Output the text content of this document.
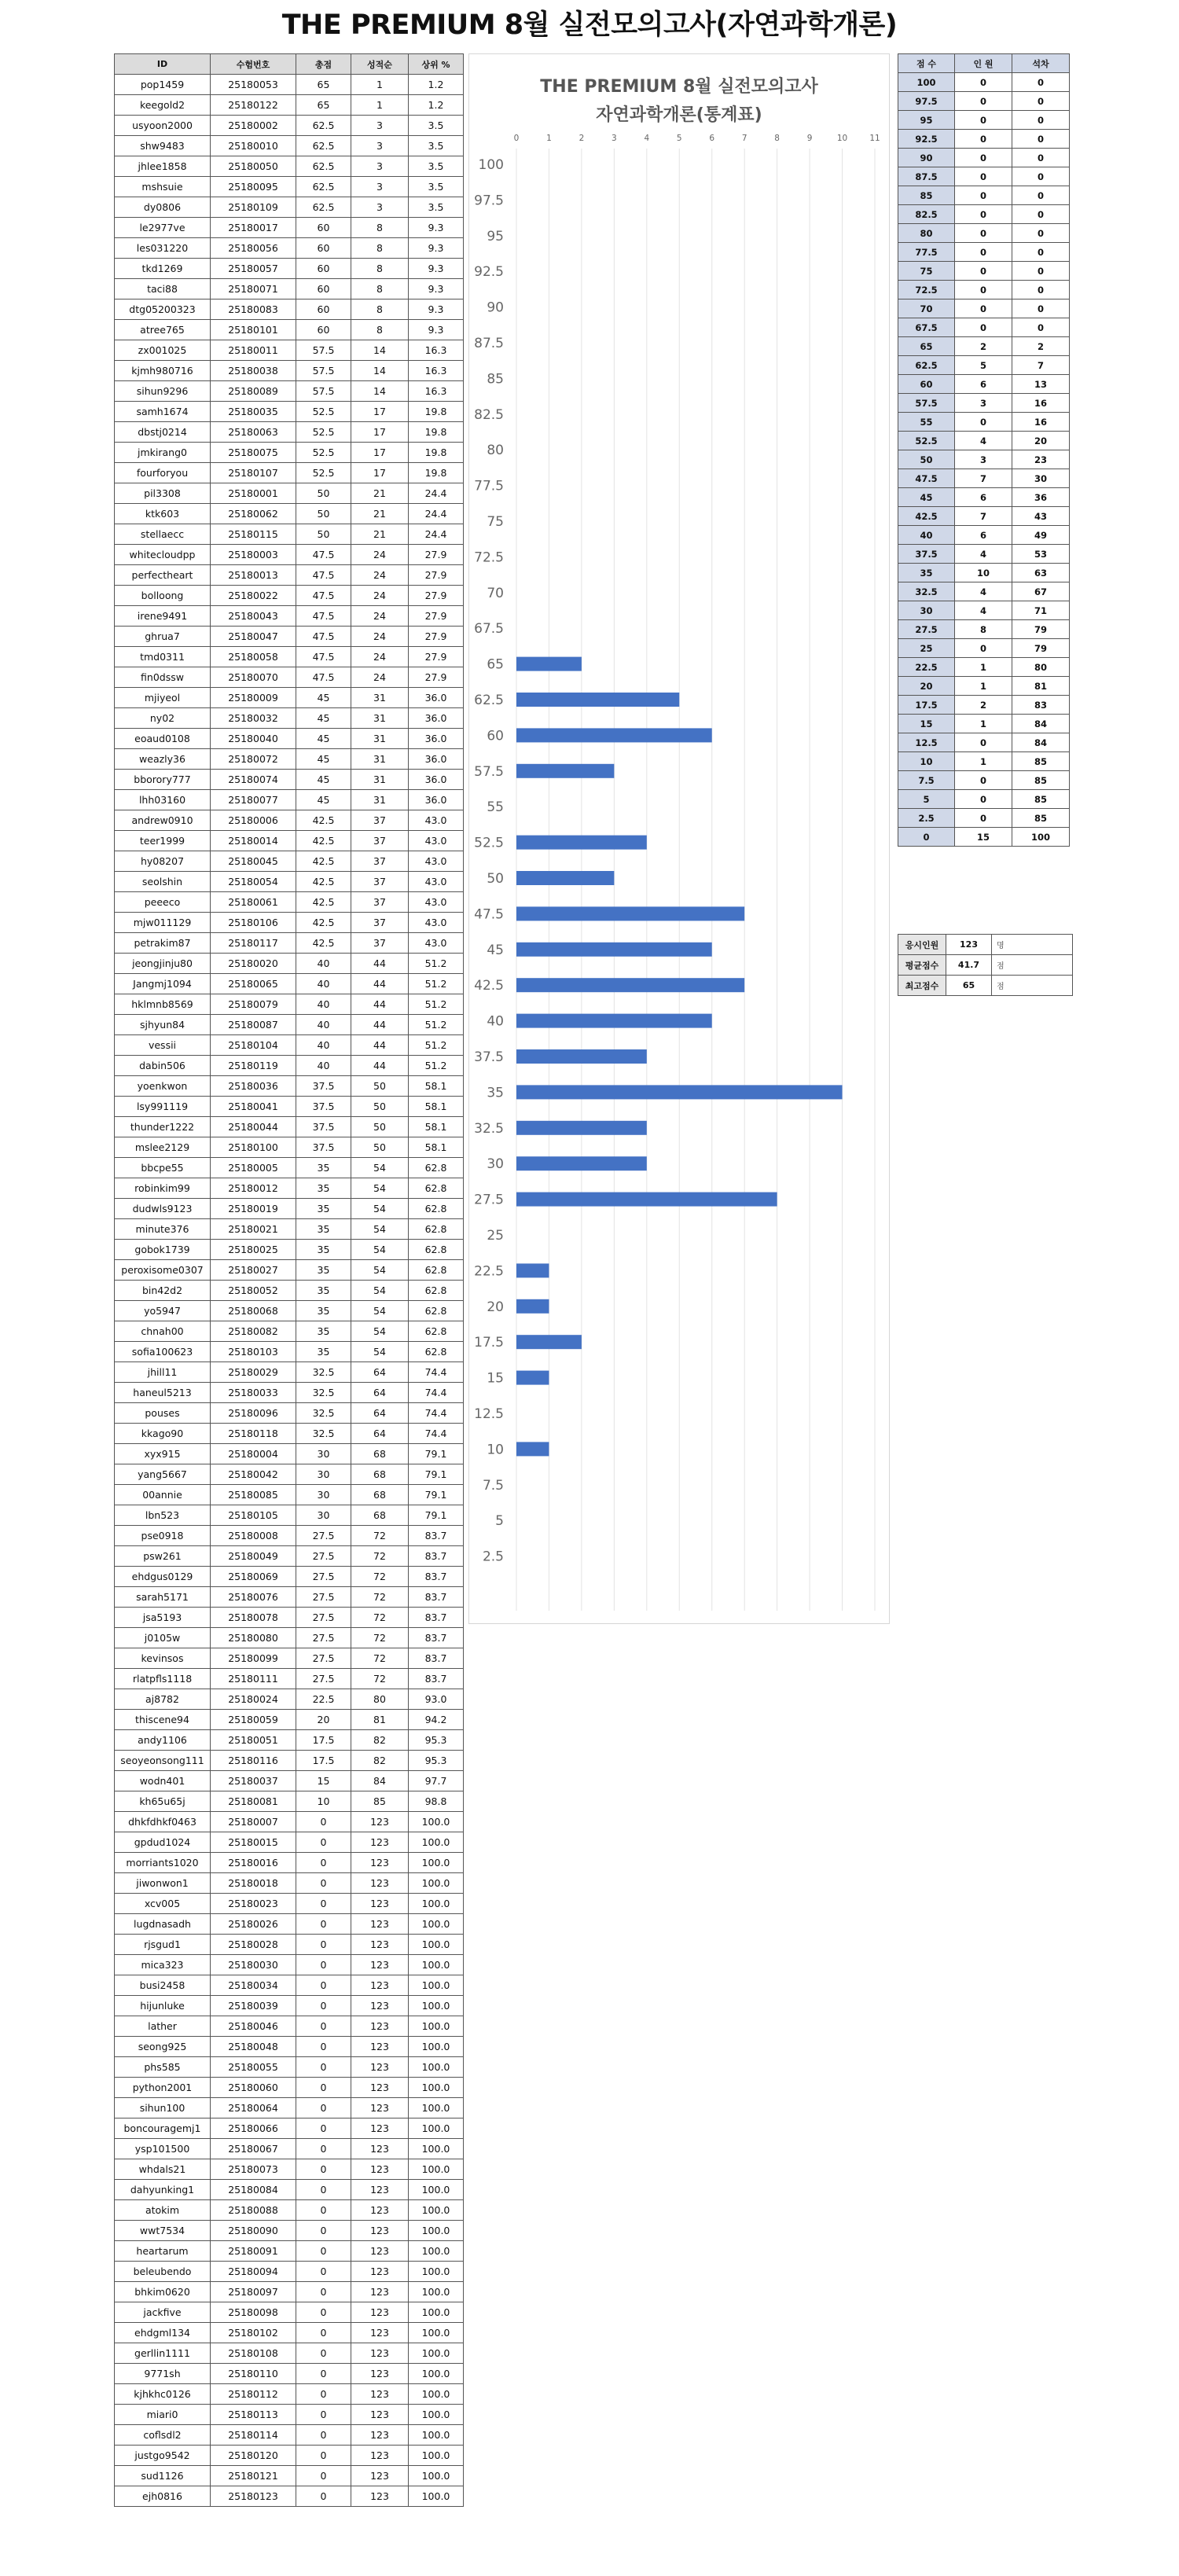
THE PREMIUM 8월 실전모의고사(자연과학개론)
ID	수험번호	총점	성적순	상위 %
pop1459	25180053	65	1	1.2
keegold2	25180122	65	1	1.2
usyoon2000	25180002	62.5	3	3.5
shw9483	25180010	62.5	3	3.5
jhlee1858	25180050	62.5	3	3.5
mshsuie	25180095	62.5	3	3.5
dy0806	25180109	62.5	3	3.5
le2977ve	25180017	60	8	9.3
les031220	25180056	60	8	9.3
tkd1269	25180057	60	8	9.3
taci88	25180071	60	8	9.3
dtg05200323	25180083	60	8	9.3
atree765	25180101	60	8	9.3
zx001025	25180011	57.5	14	16.3
kjmh980716	25180038	57.5	14	16.3
sihun9296	25180089	57.5	14	16.3
samh1674	25180035	52.5	17	19.8
dbstj0214	25180063	52.5	17	19.8
jmkirang0	25180075	52.5	17	19.8
fourforyou	25180107	52.5	17	19.8
pil3308	25180001	50	21	24.4
ktk603	25180062	50	21	24.4
stellaecc	25180115	50	21	24.4
whitecloudpp	25180003	47.5	24	27.9
perfectheart	25180013	47.5	24	27.9
bolloong	25180022	47.5	24	27.9
irene9491	25180043	47.5	24	27.9
ghrua7	25180047	47.5	24	27.9
tmd0311	25180058	47.5	24	27.9
fin0dssw	25180070	47.5	24	27.9
mjiyeol	25180009	45	31	36.0
ny02	25180032	45	31	36.0
eoaud0108	25180040	45	31	36.0
weazly36	25180072	45	31	36.0
bborory777	25180074	45	31	36.0
lhh03160	25180077	45	31	36.0
andrew0910	25180006	42.5	37	43.0
teer1999	25180014	42.5	37	43.0
hy08207	25180045	42.5	37	43.0
seolshin	25180054	42.5	37	43.0
peeeco	25180061	42.5	37	43.0
mjw011129	25180106	42.5	37	43.0
petrakim87	25180117	42.5	37	43.0
jeongjinju80	25180020	40	44	51.2
Jangmj1094	25180065	40	44	51.2
hklmnb8569	25180079	40	44	51.2
sjhyun84	25180087	40	44	51.2
vessii	25180104	40	44	51.2
dabin506	25180119	40	44	51.2
yoenkwon	25180036	37.5	50	58.1
lsy991119	25180041	37.5	50	58.1
thunder1222	25180044	37.5	50	58.1
mslee2129	25180100	37.5	50	58.1
bbcpe55	25180005	35	54	62.8
robinkim99	25180012	35	54	62.8
dudwls9123	25180019	35	54	62.8
minute376	25180021	35	54	62.8
gobok1739	25180025	35	54	62.8
peroxisome0307	25180027	35	54	62.8
bin42d2	25180052	35	54	62.8
yo5947	25180068	35	54	62.8
chnah00	25180082	35	54	62.8
sofia100623	25180103	35	54	62.8
jhill11	25180029	32.5	64	74.4
haneul5213	25180033	32.5	64	74.4
pouses	25180096	32.5	64	74.4
kkago90	25180118	32.5	64	74.4
xyx915	25180004	30	68	79.1
yang5667	25180042	30	68	79.1
00annie	25180085	30	68	79.1
lbn523	25180105	30	68	79.1
pse0918	25180008	27.5	72	83.7
psw261	25180049	27.5	72	83.7
ehdgus0129	25180069	27.5	72	83.7
sarah5171	25180076	27.5	72	83.7
jsa5193	25180078	27.5	72	83.7
j0105w	25180080	27.5	72	83.7
kevinsos	25180099	27.5	72	83.7
rlatpfls1118	25180111	27.5	72	83.7
aj8782	25180024	22.5	80	93.0
thiscene94	25180059	20	81	94.2
andy1106	25180051	17.5	82	95.3
seoyeonsong111	25180116	17.5	82	95.3
wodn401	25180037	15	84	97.7
kh65u65j	25180081	10	85	98.8
dhkfdhkf0463	25180007	0	123	100.0
gpdud1024	25180015	0	123	100.0
morriants1020	25180016	0	123	100.0
jiwonwon1	25180018	0	123	100.0
xcv005	25180023	0	123	100.0
lugdnasadh	25180026	0	123	100.0
rjsgud1	25180028	0	123	100.0
mica323	25180030	0	123	100.0
busi2458	25180034	0	123	100.0
hijunluke	25180039	0	123	100.0
lather	25180046	0	123	100.0
seong925	25180048	0	123	100.0
phs585	25180055	0	123	100.0
python2001	25180060	0	123	100.0
sihun100	25180064	0	123	100.0
boncouragemj1	25180066	0	123	100.0
ysp101500	25180067	0	123	100.0
whdals21	25180073	0	123	100.0
dahyunking1	25180084	0	123	100.0
atokim	25180088	0	123	100.0
wwt7534	25180090	0	123	100.0
heartarum	25180091	0	123	100.0
beleubendo	25180094	0	123	100.0
bhkim0620	25180097	0	123	100.0
jackfive	25180098	0	123	100.0
ehdgml134	25180102	0	123	100.0
gerllin1111	25180108	0	123	100.0
9771sh	25180110	0	123	100.0
kjhkhc0126	25180112	0	123	100.0
miari0	25180113	0	123	100.0
coflsdl2	25180114	0	123	100.0
justgo9542	25180120	0	123	100.0
sud1126	25180121	0	123	100.0
ejh0816	25180123	0	123	100.0
THE PREMIUM 8월 실전모의고사
자연과학개론(통계표)
0	1	2	3	4	5	6	7	8	9	10	11
100
97.5
95
92.5
90
87.5
85
82.5
80
77.5
75
72.5
70
67.5
65
62.5
60
57.5
55
52.5
50
47.5
45
42.5
40
37.5
35
32.5
30
27.5
25
22.5
20
17.5
15
12.5
10
7.5
5
2.5
점 수	인 원	석차
100	0	0
97.5	0	0
95	0	0
92.5	0	0
90	0	0
87.5	0	0
85	0	0
82.5	0	0
80	0	0
77.5	0	0
75	0	0
72.5	0	0
70	0	0
67.5	0	0
65	2	2
62.5	5	7
60	6	13
57.5	3	16
55	0	16
52.5	4	20
50	3	23
47.5	7	30
45	6	36
42.5	7	43
40	6	49
37.5	4	53
35	10	63
32.5	4	67
30	4	71
27.5	8	79
25	0	79
22.5	1	80
20	1	81
17.5	2	83
15	1	84
12.5	0	84
10	1	85
7.5	0	85
5	0	85
2.5	0	85
0	15	100
응시인원	123	명
평균점수	41.7	점
최고점수	65	점
